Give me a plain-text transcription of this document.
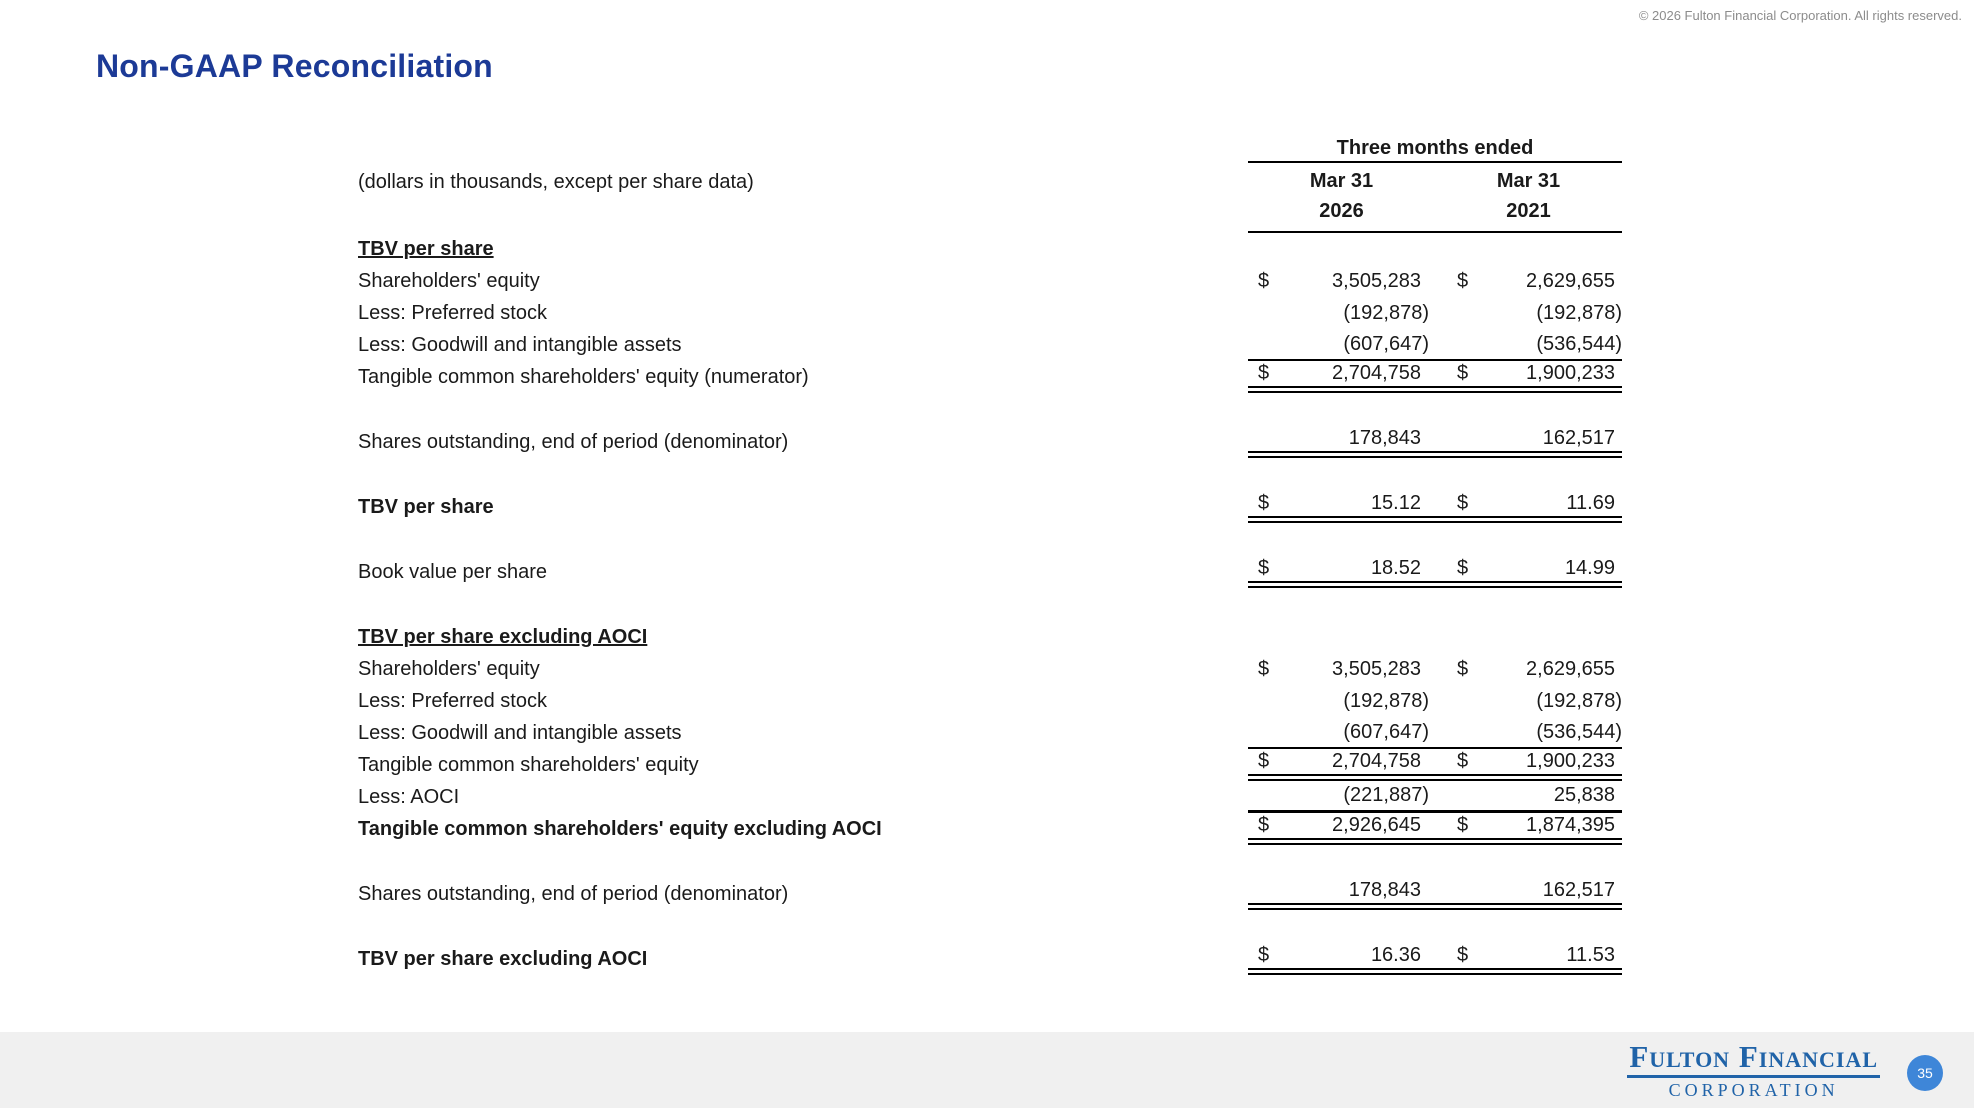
© 2026 Fulton Financial Corporation. All rights reserved.
Non-GAAP Reconciliation
(dollars in thousands, except per share data)
Three months ended
Mar 31
2026
Mar 31
2021
TBV per share
Shareholders' equity	$	3,505,283	$	2,629,655
Less: Preferred stock	(192,878)	(192,878)
Less: Goodwill and intangible assets	(607,647)	(536,544)
Tangible common shareholders' equity (numerator)	$	2,704,758	$	1,900,233
Shares outstanding, end of period (denominator)	178,843	162,517
TBV per share	$	15.12	$	11.69
Book value per share	$	18.52	$	14.99
TBV per share excluding AOCI
Shareholders' equity	$	3,505,283	$	2,629,655
Less: Preferred stock	(192,878)	(192,878)
Less: Goodwill and intangible assets	(607,647)	(536,544)
Tangible common shareholders' equity	$	2,704,758	$	1,900,233
Less: AOCI	(221,887)	25,838
Tangible common shareholders' equity excluding AOCI	$	2,926,645	$	1,874,395
Shares outstanding, end of period (denominator)	178,843	162,517
TBV per share excluding AOCI	$	16.36	$	11.53
Fulton Financial
CORPORATION
35
